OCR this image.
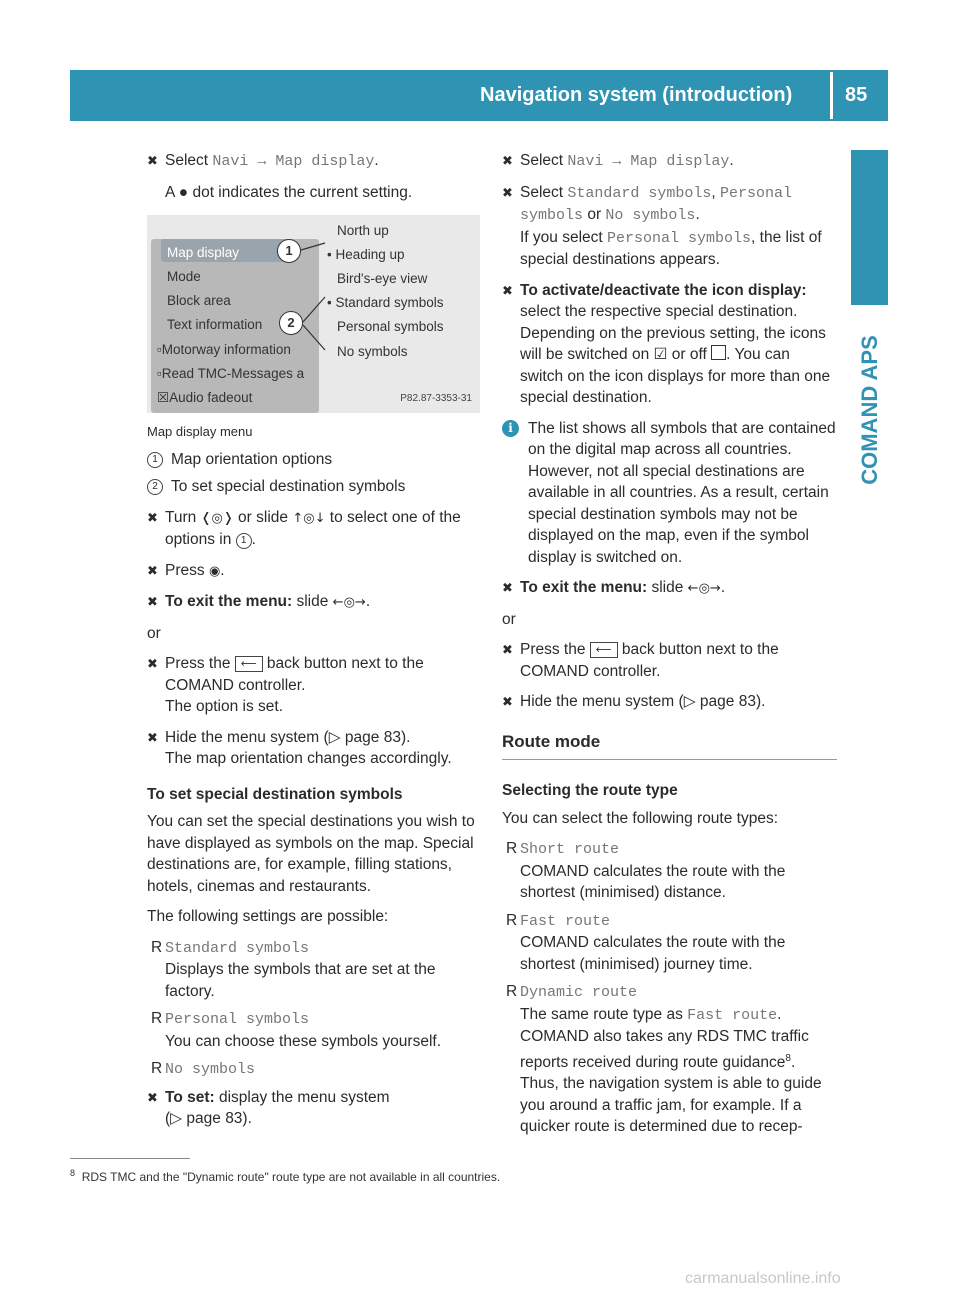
Navigation system (introduction)	85
COMAND APS
✖ Select Navi → Map display.
A ● dot indicates the current setting.
Map display
Mode
Block area
Text information
▫Motorway information
▫Read TMC-Messages a
☒Audio fadeout
North up
• Heading up
Bird's-eye view
• Standard symbols
Personal symbols
No symbols
1
2
P82.87-3353-31
Map display menu
1 Map orientation options
2 To set special destination symbols
✖ Turn ❬◎❭ or slide ↑◎↓ to select one of the options in 1 .
✖ Press ◉.
✖ To exit the menu: slide ←◎→.
or
✖ Press the ⟵ back button next to the COMAND controller.
The option is set.
✖ Hide the menu system (▷ page 83).
The map orientation changes accordingly.
To set special destination symbols
You can set the special destinations you wish to have displayed as symbols on the map. Special destinations are, for example, filling stations, hotels, cinemas and restaurants.
The following settings are possible:
R Standard symbols
Displays the symbols that are set at the factory.
R Personal symbols
You can choose these symbols yourself.
R No symbols
✖ To set: display the menu system
(▷ page 83).
✖ Select Navi → Map display.
✖ Select Standard symbols, Personal symbols or No symbols.
If you select Personal symbols, the list of special destinations appears.
✖ To activate/deactivate the icon display: select the respective special destination.
Depending on the previous setting, the icons will be switched on ☑ or off . You can switch on the icon displays for more than one special destination.
i The list shows all symbols that are contained on the digital map across all countries. However, not all special destinations are available in all countries. As a result, certain special destination symbols may not be displayed on the map, even if the symbol display is switched on.
✖ To exit the menu: slide ←◎→.
or
✖ Press the ⟵ back button next to the COMAND controller.
✖ Hide the menu system (▷ page 83).
Route mode
Selecting the route type
You can select the following route types:
R Short route
COMAND calculates the route with the shortest (minimised) distance.
R Fast route
COMAND calculates the route with the shortest (minimised) journey time.
R Dynamic route
The same route type as Fast route.
COMAND also takes any RDS TMC traffic reports received during route guidance$^8$.
Thus, the navigation system is able to guide you around a traffic jam, for example. If a quicker route is determined due to recep-
$^8$ RDS TMC and the "Dynamic route" route type are not available in all countries.
carmanualsonline.info
